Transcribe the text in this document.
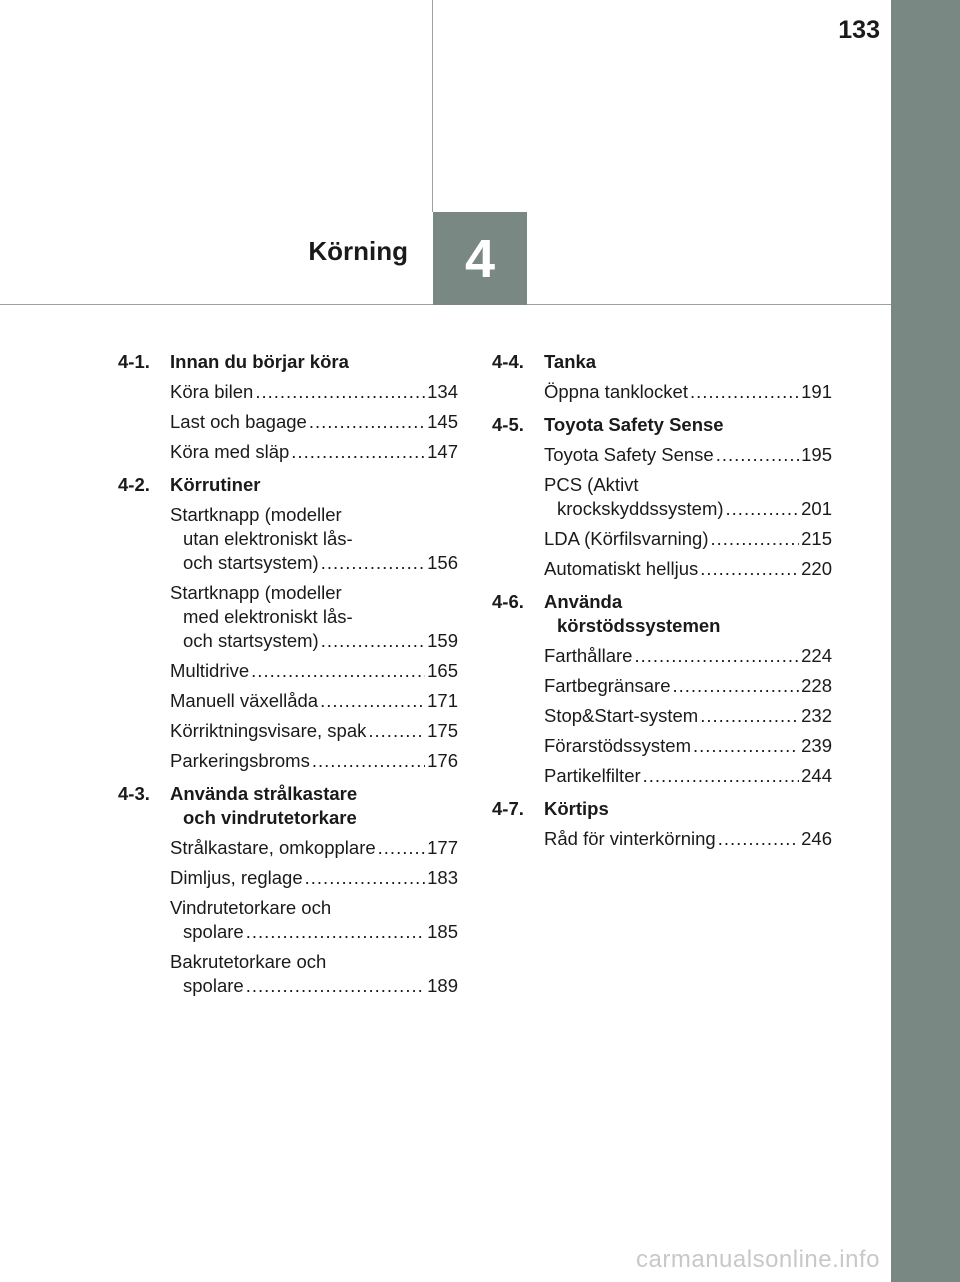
133
4
Körning
4-1. Innan du börjar köra
Köra bilen .....	134
Last och bagage .....	145
Köra med släp .....	147
4-2. Körrutiner
Startknapp (modeller
utan elektroniskt lås-
och startsystem) .....	156
Startknapp (modeller
med elektroniskt lås-
och startsystem) .....	159
Multidrive .....	165
Manuell växellåda .....	171
Körriktningsvisare, spak .....	175
Parkeringsbroms .....	176
4-3. Använda strålkastare
och vindrutetorkare
Strålkastare, omkopplare .....	177
Dimljus, reglage .....	183
Vindrutetorkare och
spolare .....	185
Bakrutetorkare och
spolare .....	189
4-4. Tanka
Öppna tanklocket .....	191
4-5. Toyota Safety Sense
Toyota Safety Sense .....	195
PCS (Aktivt
krockskyddssystem) .....	201
LDA (Körfilsvarning) .....	215
Automatiskt helljus .....	220
4-6. Använda
körstödssystemen
Farthållare .....	224
Fartbegränsare .....	228
Stop&Start-system .....	232
Förarstödssystem .....	239
Partikelfilter .....	244
4-7. Körtips
Råd för vinterkörning .....	246
carmanualsonline.info
